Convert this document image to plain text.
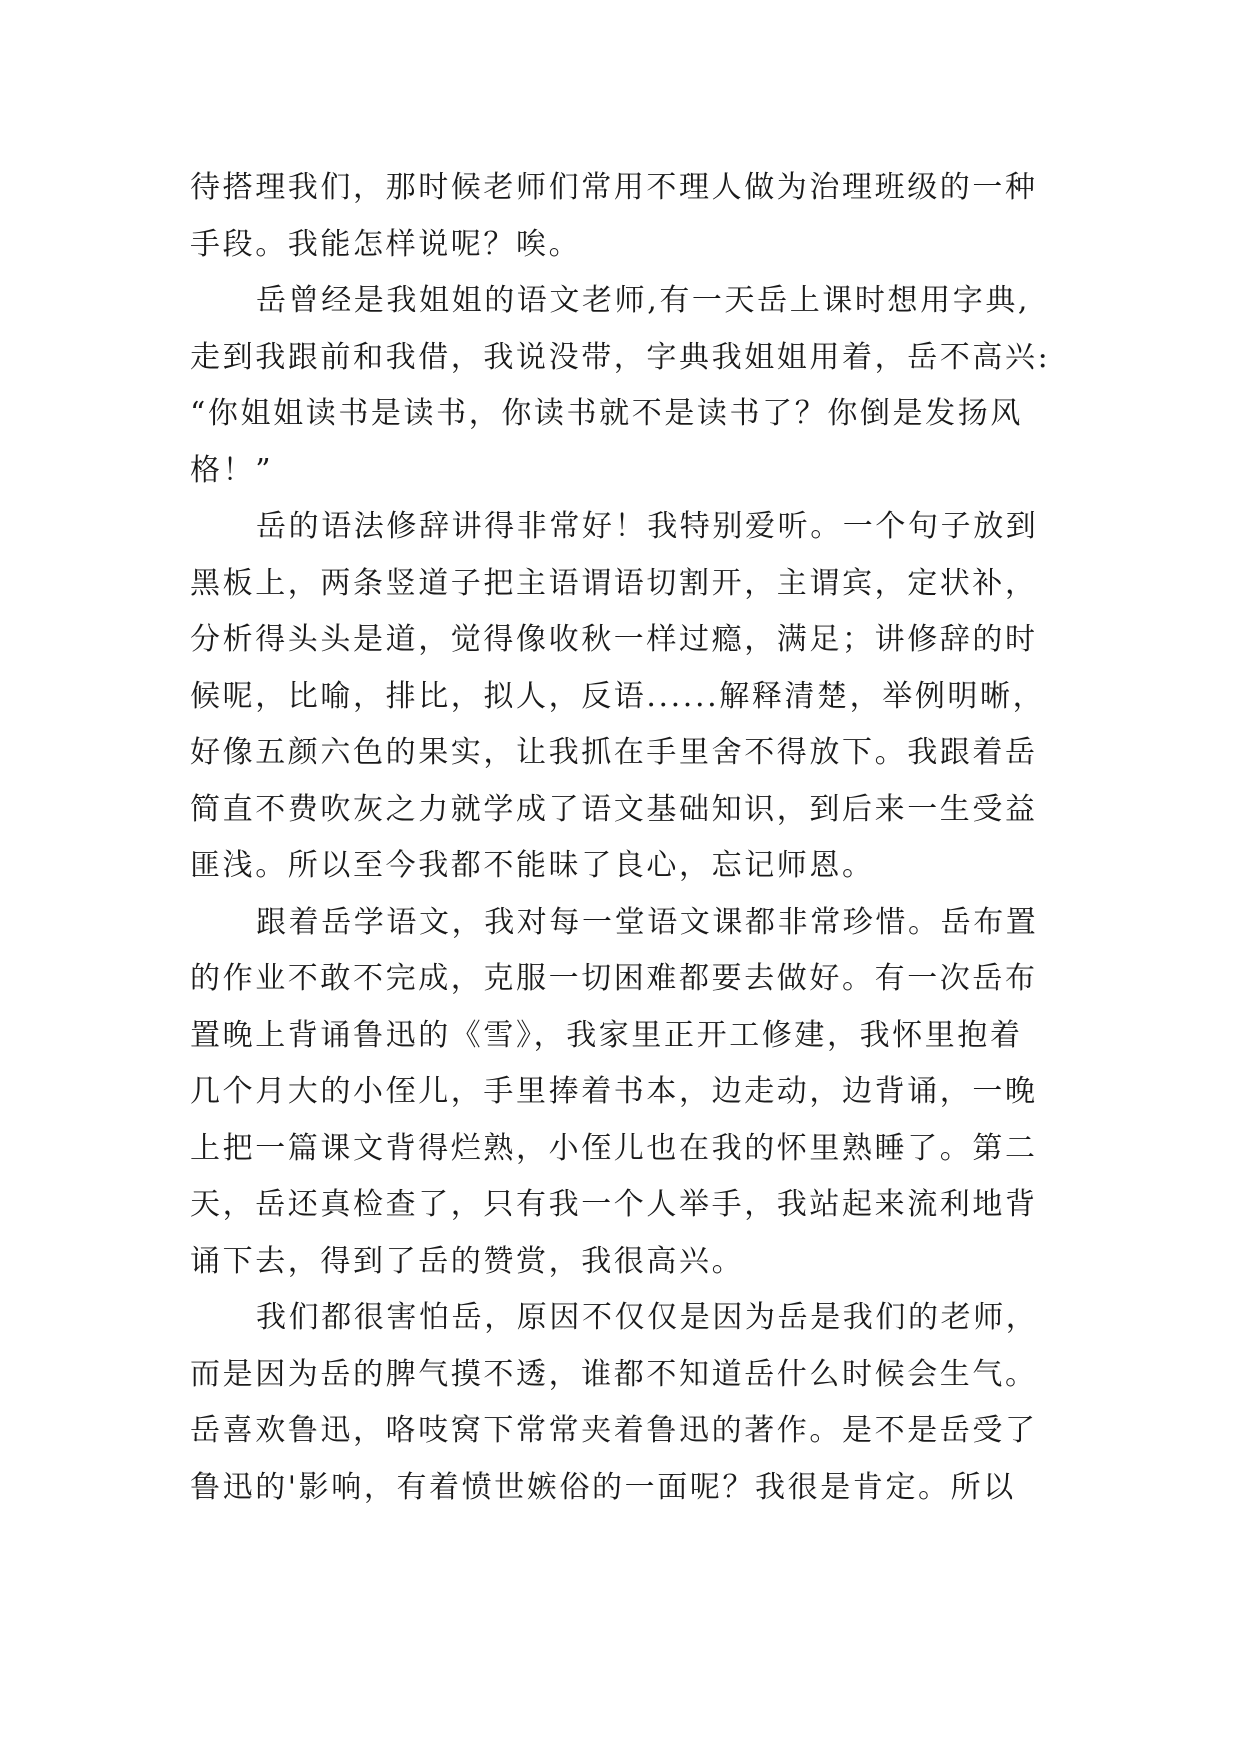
待搭理我们，那时候老师们常用不理人做为治理班级的一种
手段。我能怎样说呢？唉。
岳曾经是我姐姐的语文老师,有一天岳上课时想用字典,
走到我跟前和我借，我说没带，字典我姐姐用着，岳不高兴:
“你姐姐读书是读书，你读书就不是读书了？你倒是发扬风
格！”
岳的语法修辞讲得非常好！我特别爱听。一个句子放到
黑板上，两条竖道子把主语谓语切割开，主谓宾，定状补，
分析得头头是道，觉得像收秋一样过瘾，满足；讲修辞的时
候呢，比喻，排比，拟人，反语......解释清楚，举例明晰，
好像五颜六色的果实，让我抓在手里舍不得放下。我跟着岳
简直不费吹灰之力就学成了语文基础知识，到后来一生受益
匪浅。所以至今我都不能昧了良心，忘记师恩。
跟着岳学语文，我对每一堂语文课都非常珍惜。岳布置
的作业不敢不完成，克服一切困难都要去做好。有一次岳布
置晚上背诵鲁迅的《雪》，我家里正开工修建，我怀里抱着
几个月大的小侄儿，手里捧着书本，边走动，边背诵，一晚
上把一篇课文背得烂熟，小侄儿也在我的怀里熟睡了。第二
天，岳还真检查了，只有我一个人举手，我站起来流利地背
诵下去，得到了岳的赞赏，我很高兴。
我们都很害怕岳，原因不仅仅是因为岳是我们的老师，
而是因为岳的脾气摸不透，谁都不知道岳什么时候会生气。
岳喜欢鲁迅，咯吱窝下常常夹着鲁迅的著作。是不是岳受了
鲁迅的'影响，有着愤世嫉俗的一面呢？我很是肯定。所以
